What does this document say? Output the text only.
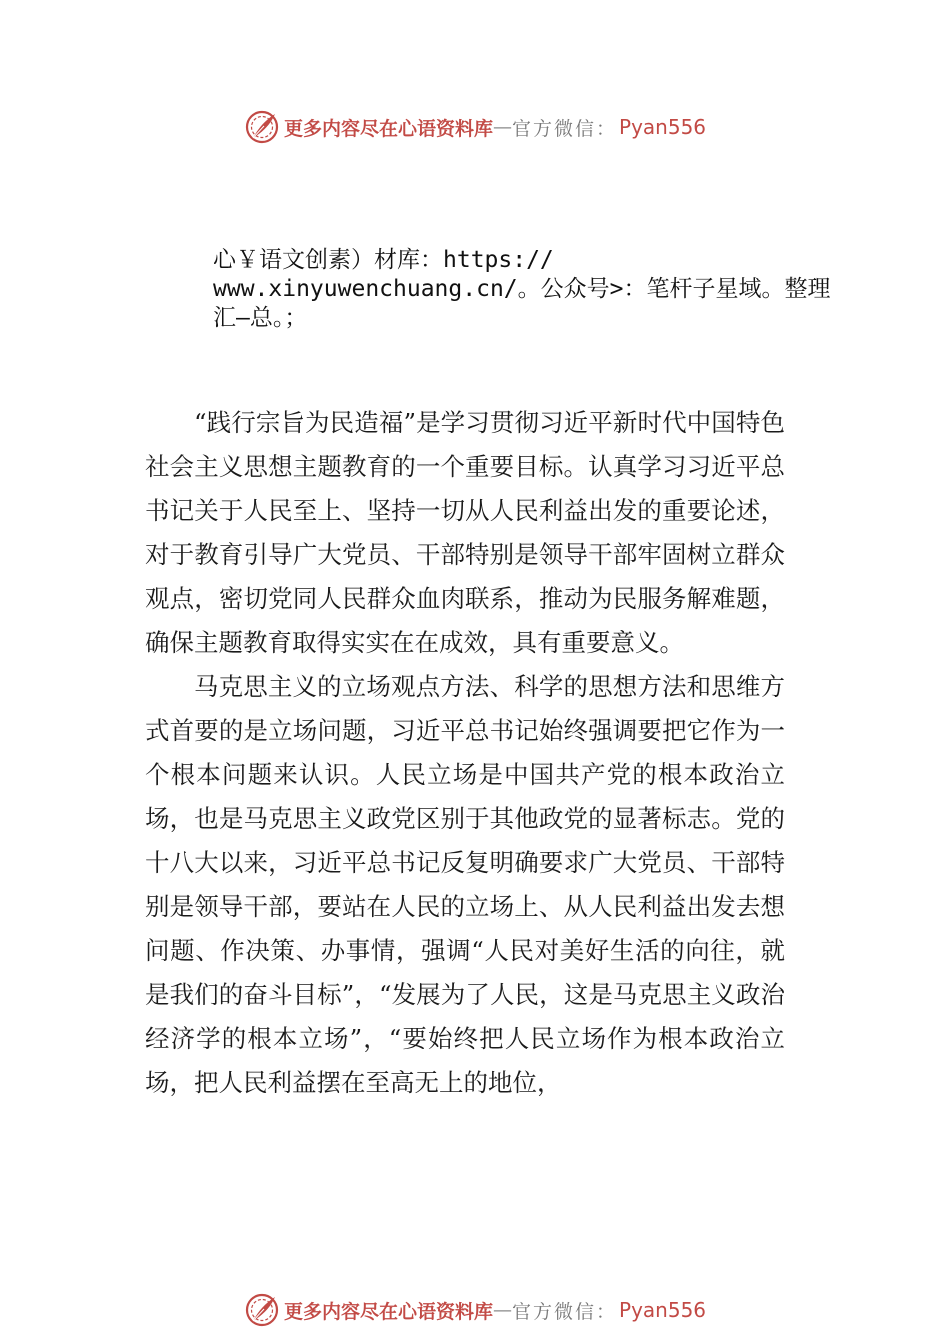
更多内容尽在心语资料库 — 官方微信： Pyan556
心￥语文创素）材库：https://
www.xinyuwenchuang.cn/。公众号>：笔杆子星域。整理
汇—总。；

“践行宗旨为民造福”是学习贯彻习近平新时代中国特色社会主义思想主题教育的一个重要目标。认真学习习近平总书记关于人民至上、坚持一切从人民利益出发的重要论述，对于教育引导广大党员、干部特别是领导干部牢固树立群众观点，密切党同人民群众血肉联系，推动为民服务解难题，确保主题教育取得实实在在成效，具有重要意义。

马克思主义的立场观点方法、科学的思想方法和思维方式首要的是立场问题，习近平总书记始终强调要把它作为一个根本问题来认识。人民立场是中国共产党的根本政治立场，也是马克思主义政党区别于其他政党的显著标志。党的十八大以来，习近平总书记反复明确要求广大党员、干部特别是领导干部，要站在人民的立场上、从人民利益出发去想问题、作决策、办事情，强调“人民对美好生活的向往，就是我们的奋斗目标”，“发展为了人民，这是马克思主义政治经济学的根本立场”，“要始终把人民立场作为根本政治立场，把人民利益摆在至高无上的地位，

更多内容尽在心语资料库 — 官方微信： Pyan556
